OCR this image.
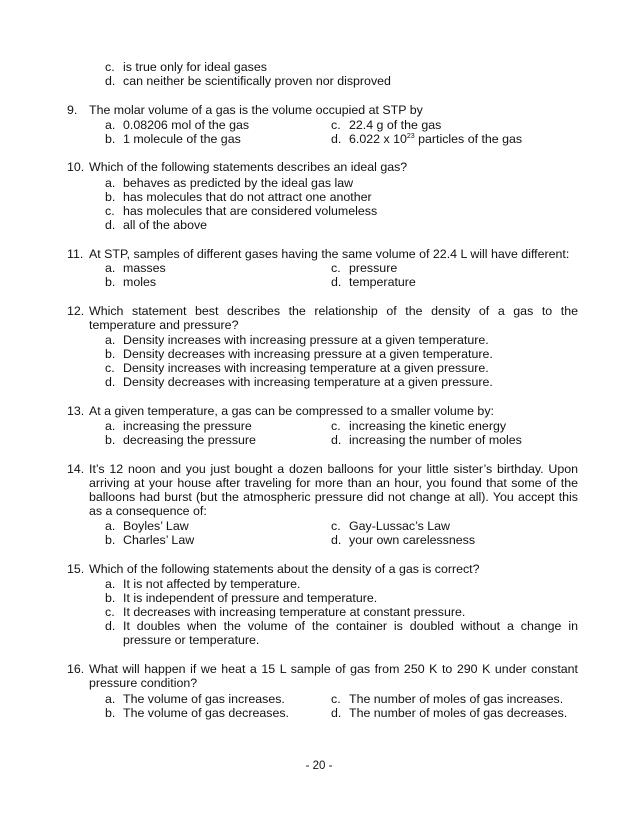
c. is true only for ideal gases
d. can neither be scientifically proven nor disproved
9. The molar volume of a gas is the volume occupied at STP by
a. 0.08206 mol of the gas	c. 22.4 g of the gas
b. 1 molecule of the gas	d. 6.022 x $10^{23}$ particles of the gas
10. Which of the following statements describes an ideal gas?
a. behaves as predicted by the ideal gas law
b. has molecules that do not attract one another
c. has molecules that are considered volumeless
d. all of the above
11. At STP, samples of different gases having the same volume of 22.4 L will have different:
a. masses	c. pressure
b. moles	d. temperature
12. Which statement best describes the relationship of the density of a gas to the
temperature and pressure?
a. Density increases with increasing pressure at a given temperature.
b. Density decreases with increasing pressure at a given temperature.
c. Density increases with increasing temperature at a given pressure.
d. Density decreases with increasing temperature at a given pressure.
13. At a given temperature, a gas can be compressed to a smaller volume by:
a. increasing the pressure	c. increasing the kinetic energy
b. decreasing the pressure	d. increasing the number of moles
14. It’s 12 noon and you just bought a dozen balloons for your little sister’s birthday. Upon
arriving at your house after traveling for more than an hour, you found that some of the
balloons had burst (but the atmospheric pressure did not change at all). You accept this
as a consequence of:
a. Boyles’ Law	c. Gay-Lussac’s Law
b. Charles’ Law	d. your own carelessness
15. Which of the following statements about the density of a gas is correct?
a. It is not affected by temperature.
b. It is independent of pressure and temperature.
c. It decreases with increasing temperature at constant pressure.
d. It doubles when the volume of the container is doubled without a change in
pressure or temperature.
16. What will happen if we heat a 15 L sample of gas from 250 K to 290 K under constant
pressure condition?
a. The volume of gas increases.	c. The number of moles of gas increases.
b. The volume of gas decreases.	d. The number of moles of gas decreases.
- 20 -
